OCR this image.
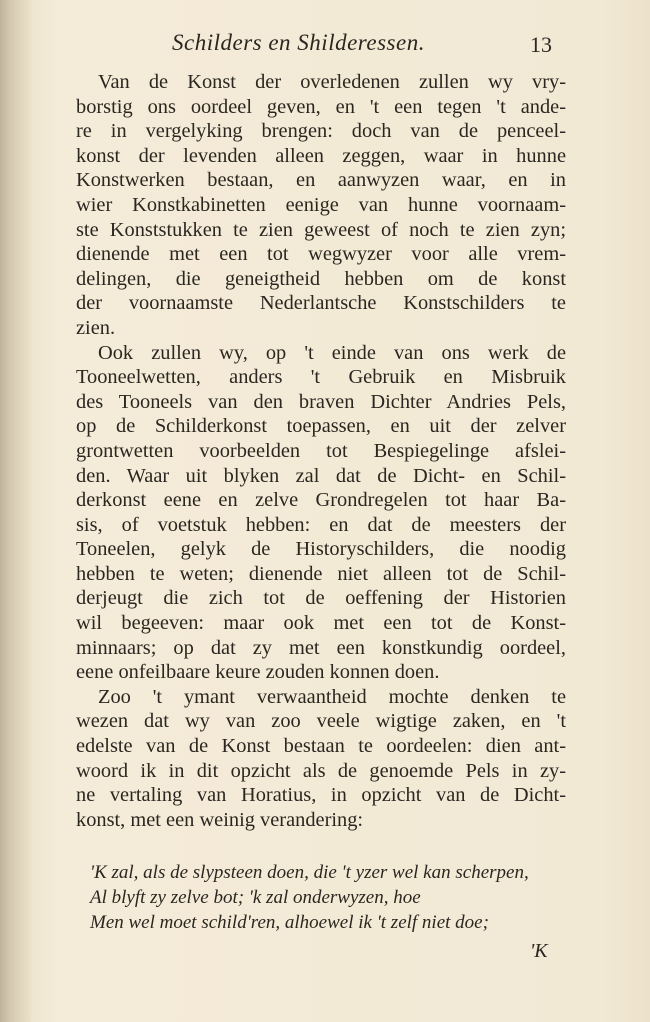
Schilders en Shilderessen.	13
Van de Konst der overledenen zullen wy vry-
borstig ons oordeel geven, en 't een tegen 't ande-
re in vergelyking brengen: doch van de penceel-
konst der levenden alleen zeggen, waar in hunne
Konstwerken bestaan, en aanwyzen waar, en in
wier Konstkabinetten eenige van hunne voornaam-
ste Konststukken te zien geweest of noch te zien zyn;
dienende met een tot wegwyzer voor alle vrem-
delingen, die geneigtheid hebben om de konst
der voornaamste Nederlantsche Konstschilders te
zien.
Ook zullen wy, op 't einde van ons werk de
Tooneelwetten, anders 't Gebruik en Misbruik
des Tooneels van den braven Dichter Andries Pels,
op de Schilderkonst toepassen, en uit der zelver
grontwetten voorbeelden tot Bespiegelinge afslei-
den. Waar uit blyken zal dat de Dicht- en Schil-
derkonst eene en zelve Grondregelen tot haar Ba-
sis, of voetstuk hebben: en dat de meesters der
Toneelen, gelyk de Historyschilders, die noodig
hebben te weten; dienende niet alleen tot de Schil-
derjeugt die zich tot de oeffening der Historien
wil begeeven: maar ook met een tot de Konst-
minnaars; op dat zy met een konstkundig oordeel,
eene onfeilbaare keure zouden konnen doen.
Zoo 't ymant verwaantheid mochte denken te
wezen dat wy van zoo veele wigtige zaken, en 't
edelste van de Konst bestaan te oordeelen: dien ant-
woord ik in dit opzicht als de genoemde Pels in zy-
ne vertaling van Horatius, in opzicht van de Dicht-
konst, met een weinig verandering:
'K zal, als de slypsteen doen, die 't yzer wel kan scherpen,
Al blyft zy zelve bot; 'k zal onderwyzen, hoe
Men wel moet schild'ren, alhoewel ik 't zelf niet doe;
'K
